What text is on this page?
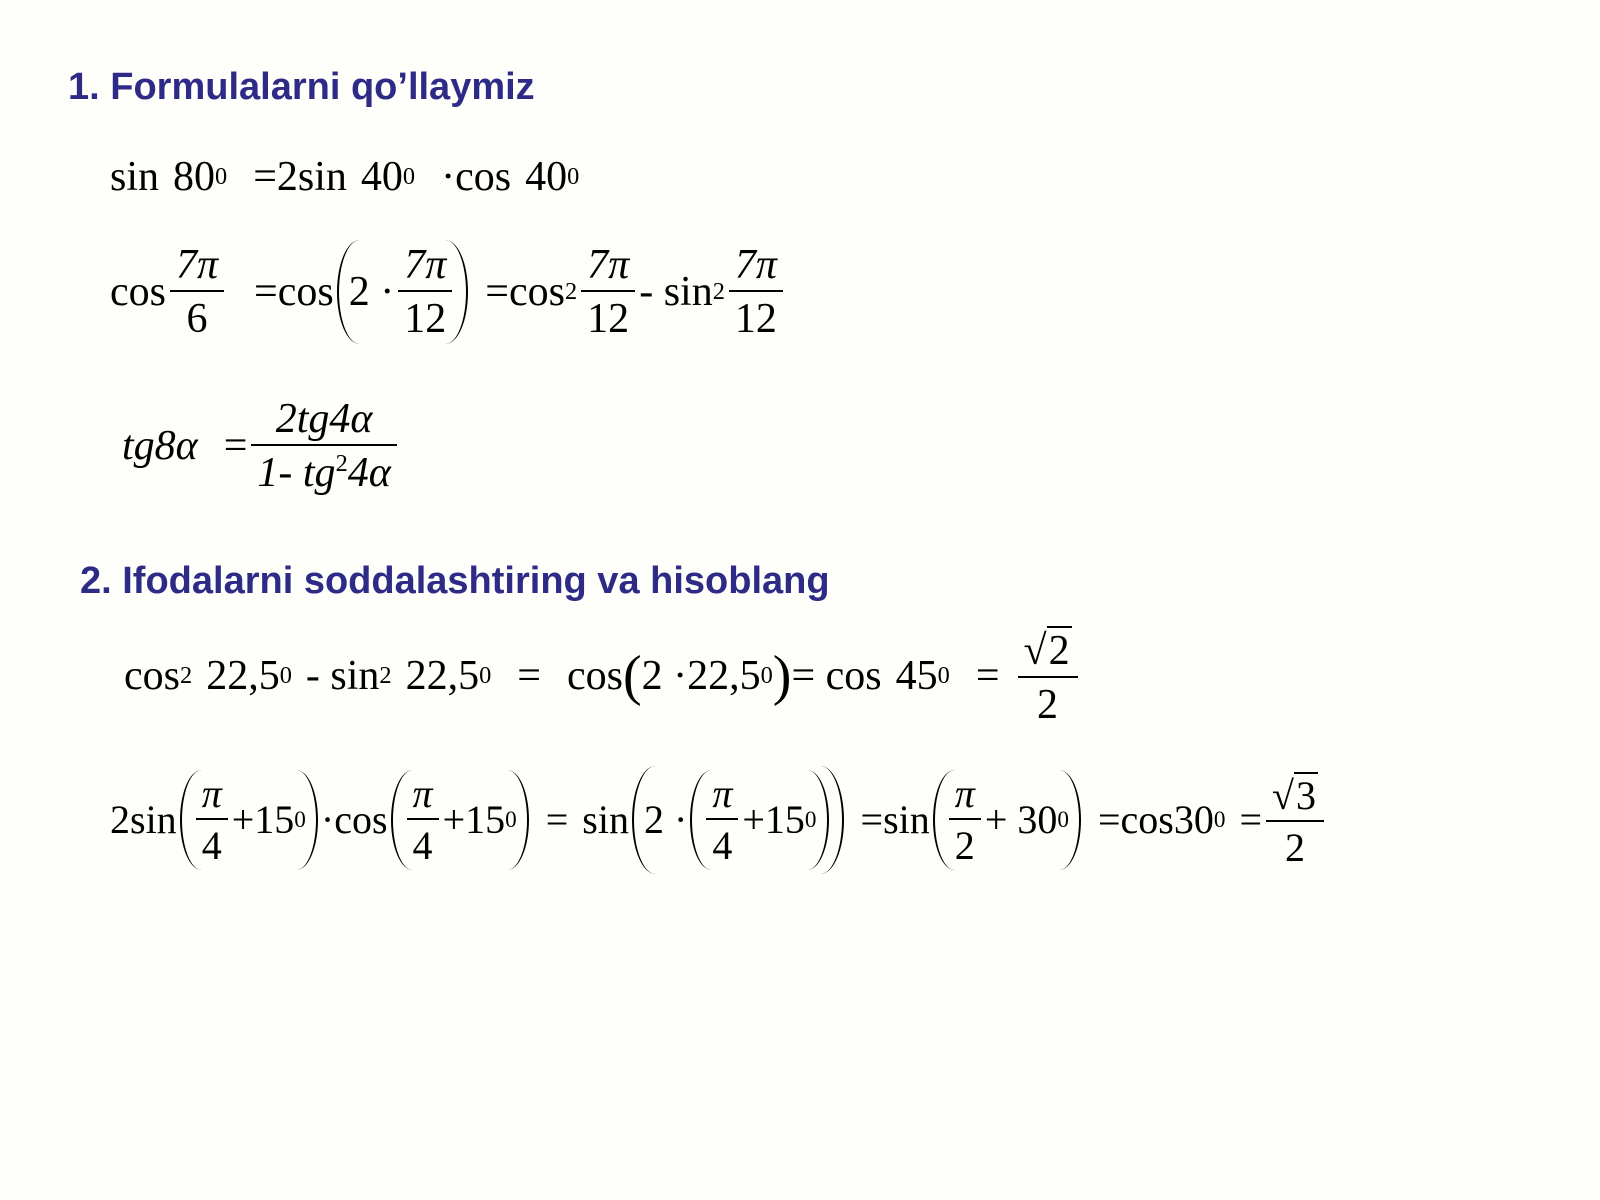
1. Formulalarni qo’llaymiz
sin 80 0 =2 sin 40 0 ·cos 40 0
$\cos \frac{7\pi}{6} =\cos$ $2 \cdot \frac{7\pi}{12} =\cos$ $2 \frac{7\pi}{12}$ - $\sin 2 \frac{7\pi}{12}$
$tg8\alpha = \frac{2tg4\alpha}{1- tg^24\alpha}$
2. Ifodalarni soddalashtiring va hisoblang
cos 2 22,5 0 - sin 2 22,5 0 = cos ( 2 ·22,5 0 ) = cos 45 $0 = \frac{√ 2}{2}$
$2\sin \frac{\pi}{4} +15$ $0 \cdot\cos \frac{\pi}{4} +15$ $0 = \sin 2 \cdot \frac{\pi}{4} +15$ $0 =\sin \frac{\pi}{2} + 30$ 0 =cos 30 $0 = \frac{√ 3}{2}$
